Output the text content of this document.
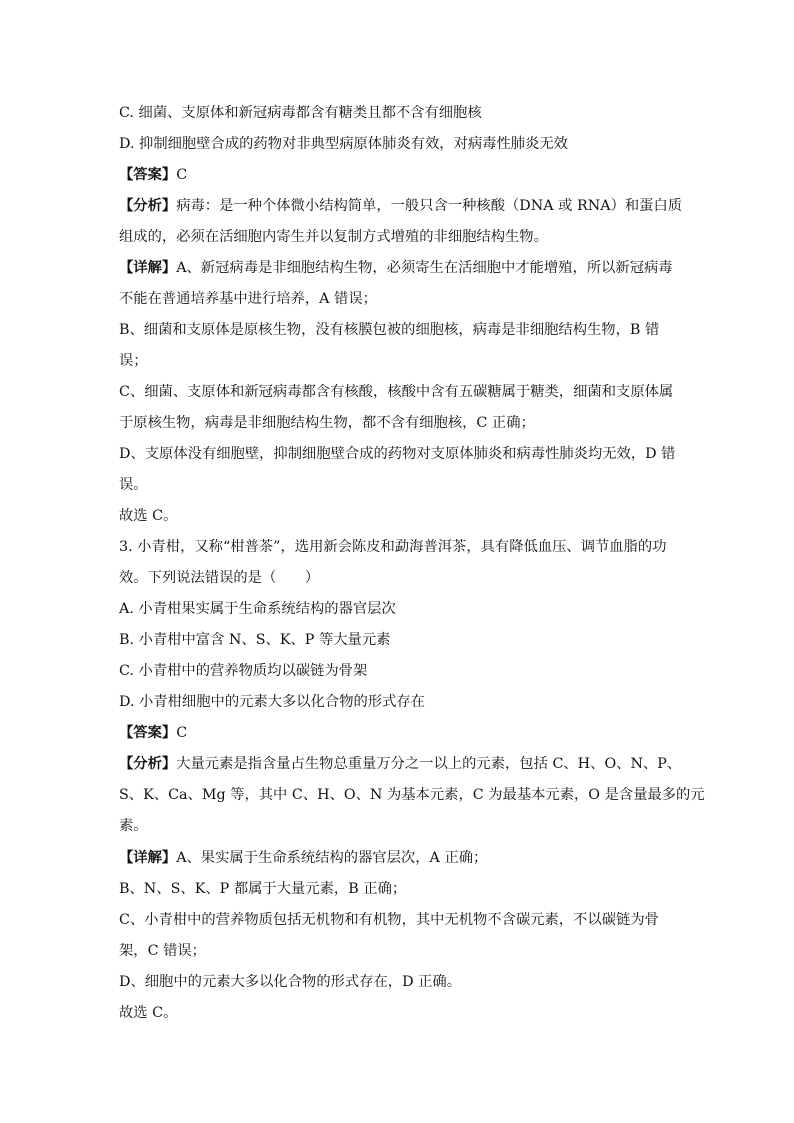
C. 细菌、支原体和新冠病毒都含有糖类且都不含有细胞核
D. 抑制细胞壁合成的药物对非典型病原体肺炎有效，对病毒性肺炎无效
【答案】C
【分析】病毒：是一种个体微小结构简单，一般只含一种核酸（DNA 或 RNA）和蛋白质
组成的，必须在活细胞内寄生并以复制方式增殖的非细胞结构生物。
【详解】A、新冠病毒是非细胞结构生物，必须寄生在活细胞中才能增殖，所以新冠病毒
不能在普通培养基中进行培养，A 错误；
B、细菌和支原体是原核生物，没有核膜包被的细胞核，病毒是非细胞结构生物，B 错
误；
C、细菌、支原体和新冠病毒都含有核酸，核酸中含有五碳糖属于糖类，细菌和支原体属
于原核生物，病毒是非细胞结构生物，都不含有细胞核，C 正确；
D、支原体没有细胞壁，抑制细胞壁合成的药物对支原体肺炎和病毒性肺炎均无效，D 错
误。
故选 C。
3. 小青柑，又称“柑普茶”，选用新会陈皮和勐海普洱茶，具有降低血压、调节血脂的功
效。下列说法错误的是（　　）
A. 小青柑果实属于生命系统结构的器官层次
B. 小青柑中富含 N、S、K、P 等大量元素
C. 小青柑中的营养物质均以碳链为骨架
D. 小青柑细胞中的元素大多以化合物的形式存在
【答案】C
【分析】大量元素是指含量占生物总重量万分之一以上的元素，包括 C、H、O、N、P、
S、K、Ca、Mg 等，其中 C、H、O、N 为基本元素，C 为最基本元素，O 是含量最多的元
素。
【详解】A、果实属于生命系统结构的器官层次，A 正确；
B、N、S、K、P 都属于大量元素，B 正确；
C、小青柑中的营养物质包括无机物和有机物，其中无机物不含碳元素，不以碳链为骨
架，C 错误；
D、细胞中的元素大多以化合物的形式存在，D 正确。
故选 C。
